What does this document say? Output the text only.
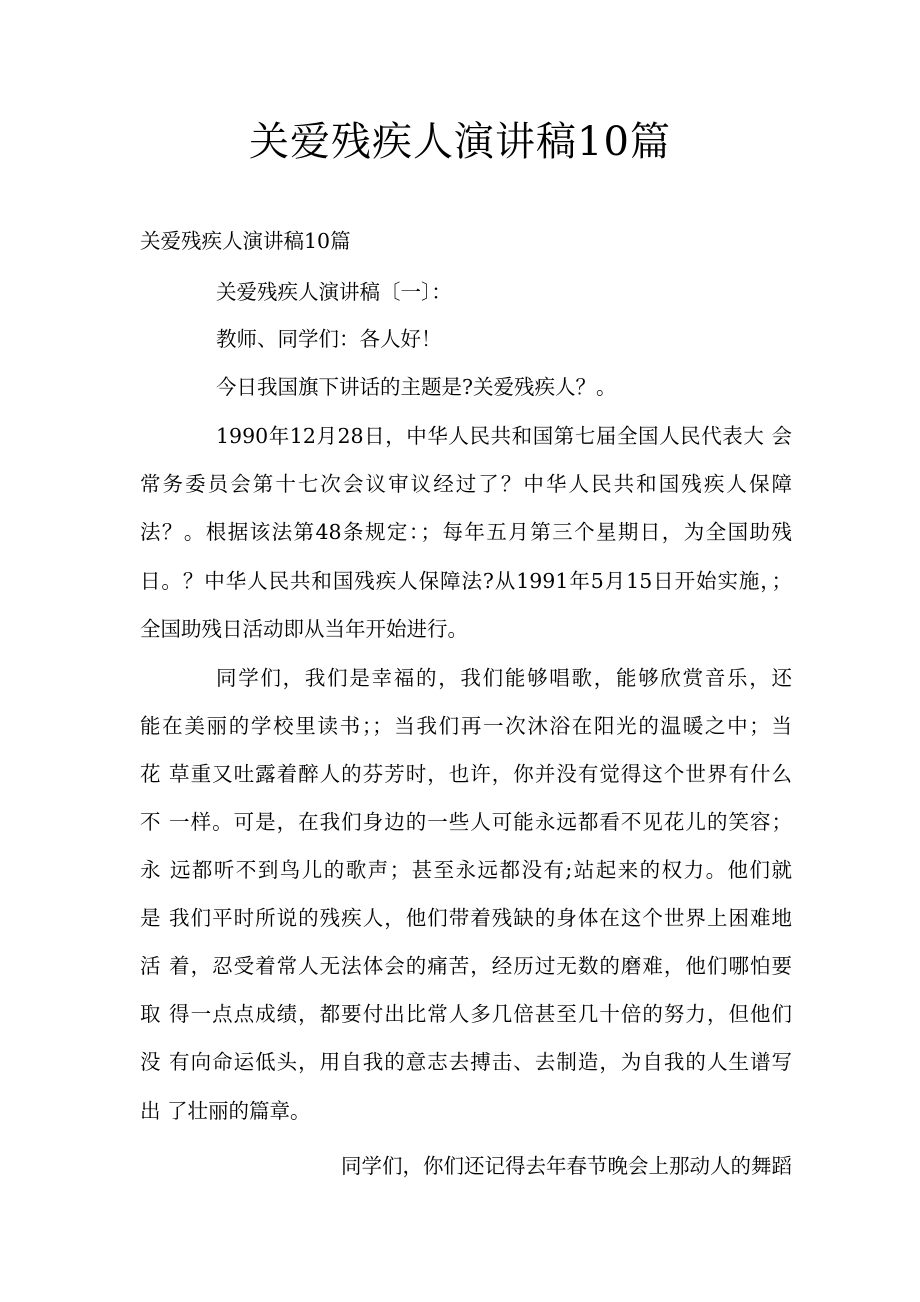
关爱残疾人演讲稿10篇
关爱残疾人演讲稿10篇
关爱残疾人演讲稿〔一〕：
教师、同学们：各人好！
今日我国旗下讲话的主题是?关爱残疾人？。
1990年12月28日，中华人民共和国第七届全国人民代表大 会
常务委员会第十七次会议审议经过了？中华人民共和国残疾人保障
法？。根据该法第48条规定：；每年五月第三个星期日，为全国助残
日。？中华人民共和国残疾人保障法?从1991年5月15日开始实施，；
全国助残日活动即从当年开始进行。
同学们，我们是幸福的，我们能够唱歌，能够欣赏音乐，还
能在美丽的学校里读书；；当我们再一次沐浴在阳光的温暖之中；当
花 草重又吐露着醉人的芬芳时，也许，你并没有觉得这个世界有什么
不 一样。可是，在我们身边的一些人可能永远都看不见花儿的笑容；
永 远都听不到鸟儿的歌声；甚至永远都没有;站起来的权力。他们就
是 我们平时所说的残疾人，他们带着残缺的身体在这个世界上困难地
活 着，忍受着常人无法体会的痛苦，经历过无数的磨难，他们哪怕要
取 得一点点成绩，都要付出比常人多几倍甚至几十倍的努力，但他们
没 有向命运低头，用自我的意志去搏击、去制造，为自我的人生谱写
出 了壮丽的篇章。
同学们，你们还记得去年春节晚会上那动人的舞蹈
